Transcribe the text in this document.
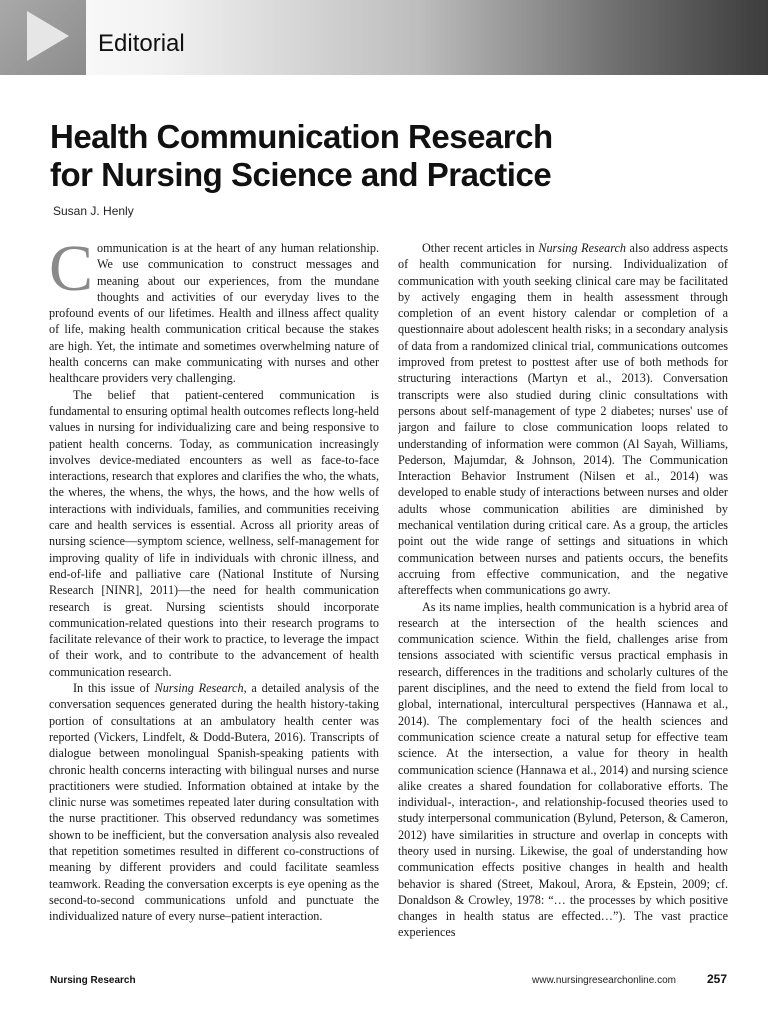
Editorial
Health Communication Research
for Nursing Science and Practice
Susan J. Henly

Communication is at the heart of any human relationship. We use communication to construct messages and meaning about our experiences, from the mundane thoughts and activities of our everyday lives to the profound events of our lifetimes. Health and illness affect quality of life, making health communication critical because the stakes are high. Yet, the intimate and sometimes overwhelming nature of health concerns can make communicating with nurses and other healthcare providers very challenging.

The belief that patient-centered communication is fundamental to ensuring optimal health outcomes reflects long-held values in nursing for individualizing care and being responsive to patient health concerns. Today, as communication increasingly involves device-mediated encounters as well as face-to-face interactions, research that explores and clarifies the who, the whats, the wheres, the whens, the whys, the hows, and the how wells of interactions with individuals, families, and communities receiving care and health services is essential. Across all priority areas of nursing science—symptom science, wellness, self-management for improving quality of life in individuals with chronic illness, and end-of-life and palliative care (National Institute of Nursing Research [NINR], 2011)—the need for health communication research is great. Nursing scientists should incorporate communication-related questions into their research programs to facilitate relevance of their work to practice, to leverage the impact of their work, and to contribute to the advancement of health communication research.

In this issue of Nursing Research, a detailed analysis of the conversation sequences generated during the health history-taking portion of consultations at an ambulatory health center was reported (Vickers, Lindfelt, & Dodd-Butera, 2016). Transcripts of dialogue between monolingual Spanish-speaking patients with chronic health concerns interacting with bilingual nurses and nurse practitioners were studied. Information obtained at intake by the clinic nurse was sometimes repeated later during consultation with the nurse practitioner. This observed redundancy was sometimes shown to be inefficient, but the conversation analysis also revealed that repetition sometimes resulted in different co-constructions of meaning by different providers and could facilitate seamless teamwork. Reading the conversation excerpts is eye opening as the second-to-second communications unfold and punctuate the individualized nature of every nurse–patient interaction.

Other recent articles in Nursing Research also address aspects of health communication for nursing. Individualization of communication with youth seeking clinical care may be facilitated by actively engaging them in health assessment through completion of an event history calendar or completion of a questionnaire about adolescent health risks; in a secondary analysis of data from a randomized clinical trial, communications outcomes improved from pretest to posttest after use of both methods for structuring interactions (Martyn et al., 2013). Conversation transcripts were also studied during clinic consultations with persons about self-management of type 2 diabetes; nurses' use of jargon and failure to close communication loops related to understanding of information were common (Al Sayah, Williams, Pederson, Majumdar, & Johnson, 2014). The Communication Interaction Behavior Instrument (Nilsen et al., 2014) was developed to enable study of interactions between nurses and older adults whose communication abilities are diminished by mechanical ventilation during critical care. As a group, the articles point out the wide range of settings and situations in which communication between nurses and patients occurs, the benefits accruing from effective communication, and the negative aftereffects when communications go awry.

As its name implies, health communication is a hybrid area of research at the intersection of the health sciences and communication science. Within the field, challenges arise from tensions associated with scientific versus practical emphasis in research, differences in the traditions and scholarly cultures of the parent disciplines, and the need to extend the field from local to global, international, intercultural perspectives (Hannawa et al., 2014). The complementary foci of the health sciences and communication science create a natural setup for effective team science. At the intersection, a value for theory in health communication science (Hannawa et al., 2014) and nursing science alike creates a shared foundation for collaborative efforts. The individual-, interaction-, and relationship-focused theories used to study interpersonal communication (Bylund, Peterson, & Cameron, 2012) have similarities in structure and overlap in concepts with theory used in nursing. Likewise, the goal of understanding how communication effects positive changes in health and health behavior is shared (Street, Makoul, Arora, & Epstein, 2009; cf. Donaldson & Crowley, 1978: “… the processes by which positive changes in health status are effected…”). The vast practice experiences

Nursing Research	www.nursingresearchonline.com	257
